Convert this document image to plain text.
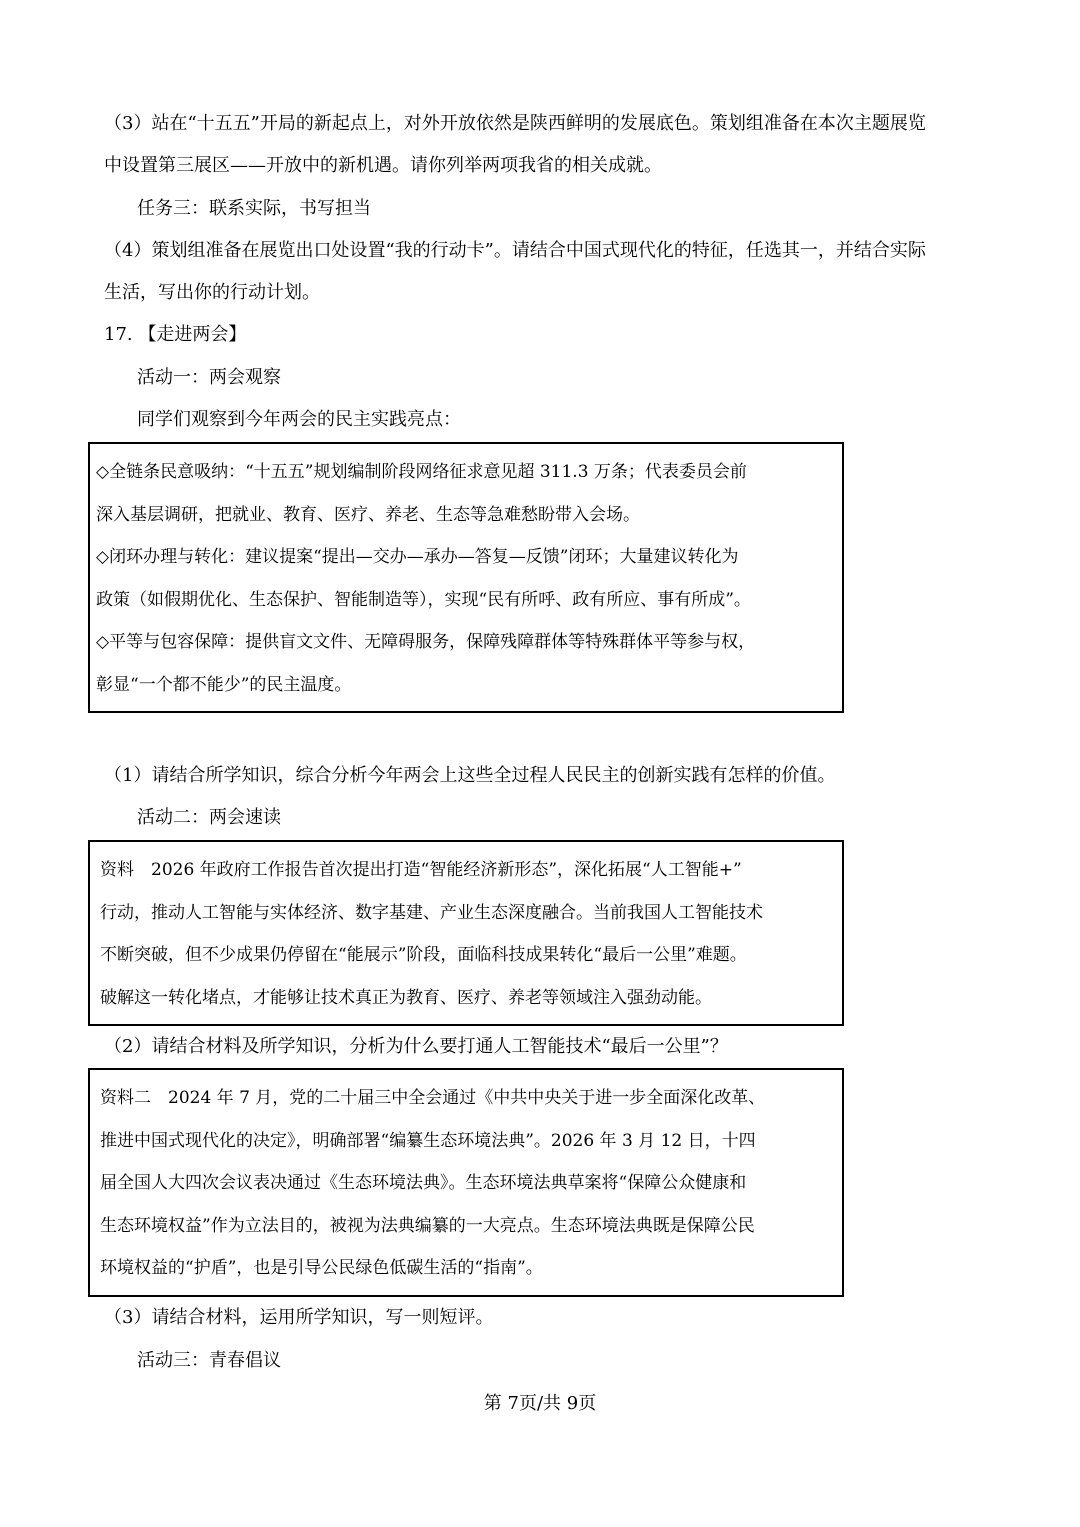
（3）站在“十五五”开局的新起点上，对外开放依然是陕西鲜明的发展底色。策划组准备在本次主题展览
中设置第三展区——开放中的新机遇。请你列举两项我省的相关成就。
任务三：联系实际，书写担当
（4）策划组准备在展览出口处设置“我的行动卡”。请结合中国式现代化的特征，任选其一，并结合实际
生活，写出你的行动计划。
17. 【走进两会】
活动一：两会观察
同学们观察到今年两会的民主实践亮点：
◇全链条民意吸纳：“十五五”规划编制阶段网络征求意见超 311.3 万条；代表委员会前
深入基层调研，把就业、教育、医疗、养老、生态等急难愁盼带入会场。
◇闭环办理与转化：建议提案“提出—交办—承办—答复—反馈”闭环；大量建议转化为
政策（如假期优化、生态保护、智能制造等），实现“民有所呼、政有所应、事有所成”。
◇平等与包容保障：提供盲文文件、无障碍服务，保障残障群体等特殊群体平等参与权，
彰显“一个都不能少”的民主温度。
（1）请结合所学知识，综合分析今年两会上这些全过程人民民主的创新实践有怎样的价值。
活动二：两会速读
资料　2026 年政府工作报告首次提出打造“智能经济新形态”，深化拓展“人工智能+”
行动，推动人工智能与实体经济、数字基建、产业生态深度融合。当前我国人工智能技术
不断突破，但不少成果仍停留在“能展示”阶段，面临科技成果转化“最后一公里”难题。
破解这一转化堵点，才能够让技术真正为教育、医疗、养老等领域注入强劲动能。
（2）请结合材料及所学知识，分析为什么要打通人工智能技术“最后一公里”？
资料二　2024 年 7 月，党的二十届三中全会通过《中共中央关于进一步全面深化改革、
推进中国式现代化的决定》，明确部署“编纂生态环境法典”。2026 年 3 月 12 日，十四
届全国人大四次会议表决通过《生态环境法典》。生态环境法典草案将“保障公众健康和
生态环境权益”作为立法目的，被视为法典编纂的一大亮点。生态环境法典既是保障公民
环境权益的“护盾”，也是引导公民绿色低碳生活的“指南”。
（3）请结合材料，运用所学知识，写一则短评。
活动三：青春倡议
第 7页/共 9页
